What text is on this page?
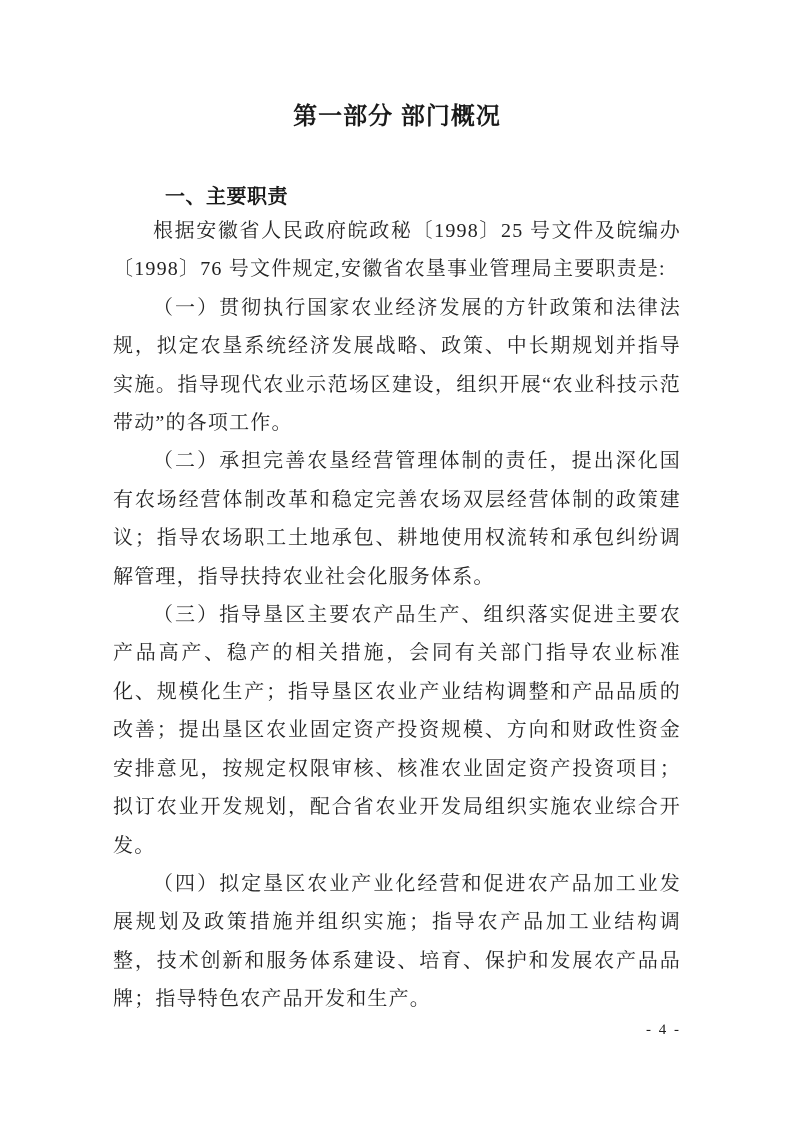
第一部分 部门概况
一、主要职责

根据安徽省人民政府皖政秘〔1998〕25 号文件及皖编办〔1998〕76 号文件规定,安徽省农垦事业管理局主要职责是:

（一）贯彻执行国家农业经济发展的方针政策和法律法规，拟定农垦系统经济发展战略、政策、中长期规划并指导实施。指导现代农业示范场区建设，组织开展“农业科技示范带动”的各项工作。

（二）承担完善农垦经营管理体制的责任，提出深化国有农场经营体制改革和稳定完善农场双层经营体制的政策建议；指导农场职工土地承包、耕地使用权流转和承包纠纷调解管理，指导扶持农业社会化服务体系。

（三）指导垦区主要农产品生产、组织落实促进主要农产品高产、稳产的相关措施，会同有关部门指导农业标准化、规模化生产；指导垦区农业产业结构调整和产品品质的改善；提出垦区农业固定资产投资规模、方向和财政性资金安排意见，按规定权限审核、核准农业固定资产投资项目；拟订农业开发规划，配合省农业开发局组织实施农业综合开发。

（四）拟定垦区农业产业化经营和促进农产品加工业发展规划及政策措施并组织实施；指导农产品加工业结构调整，技术创新和服务体系建设、培育、保护和发展农产品品牌；指导特色农产品开发和生产。

- 4 -
